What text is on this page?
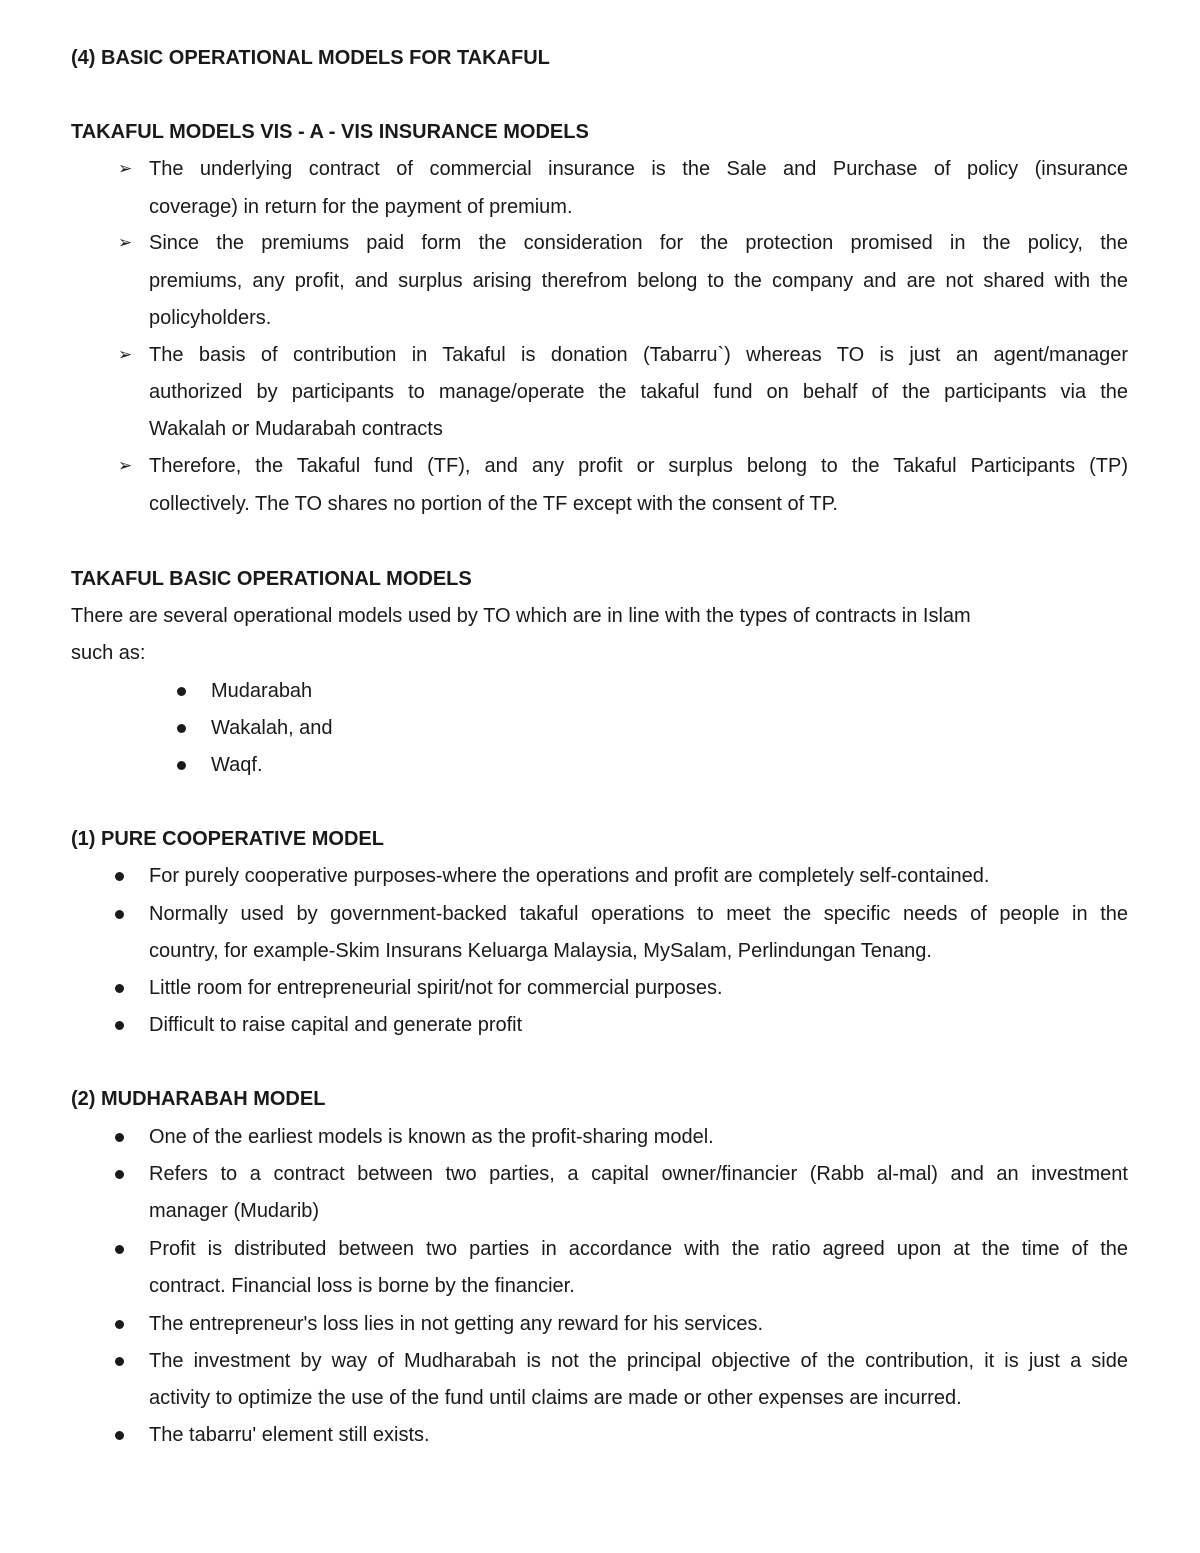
(4) BASIC OPERATIONAL MODELS FOR TAKAFUL
TAKAFUL MODELS VIS - A - VIS INSURANCE MODELS
➢ The underlying contract of commercial insurance is the Sale and Purchase of policy (insurance
coverage) in return for the payment of premium.
➢ Since the premiums paid form the consideration for the protection promised in the policy, the
premiums, any profit, and surplus arising therefrom belong to the company and are not shared with the
policyholders.
➢ The basis of contribution in Takaful is donation (Tabarru`) whereas TO is just an agent/manager
authorized by participants to manage/operate the takaful fund on behalf of the participants via the
Wakalah or Mudarabah contracts
➢ Therefore, the Takaful fund (TF), and any profit or surplus belong to the Takaful Participants (TP)
collectively. The TO shares no portion of the TF except with the consent of TP.
TAKAFUL BASIC OPERATIONAL MODELS
There are several operational models used by TO which are in line with the types of contracts in Islam
such as:
Mudarabah
Wakalah, and
Waqf.
(1) PURE COOPERATIVE MODEL
For purely cooperative purposes-where the operations and profit are completely self-contained.
Normally used by government-backed takaful operations to meet the specific needs of people in the
country, for example-Skim Insurans Keluarga Malaysia, MySalam, Perlindungan Tenang.
Little room for entrepreneurial spirit/not for commercial purposes.
Difficult to raise capital and generate profit
(2) MUDHARABAH MODEL
One of the earliest models is known as the profit-sharing model.
Refers to a contract between two parties, a capital owner/financier (Rabb al-mal) and an investment
manager (Mudarib)
Profit is distributed between two parties in accordance with the ratio agreed upon at the time of the
contract. Financial loss is borne by the financier.
The entrepreneur's loss lies in not getting any reward for his services.
The investment by way of Mudharabah is not the principal objective of the contribution, it is just a side
activity to optimize the use of the fund until claims are made or other expenses are incurred.
The tabarru' element still exists.
